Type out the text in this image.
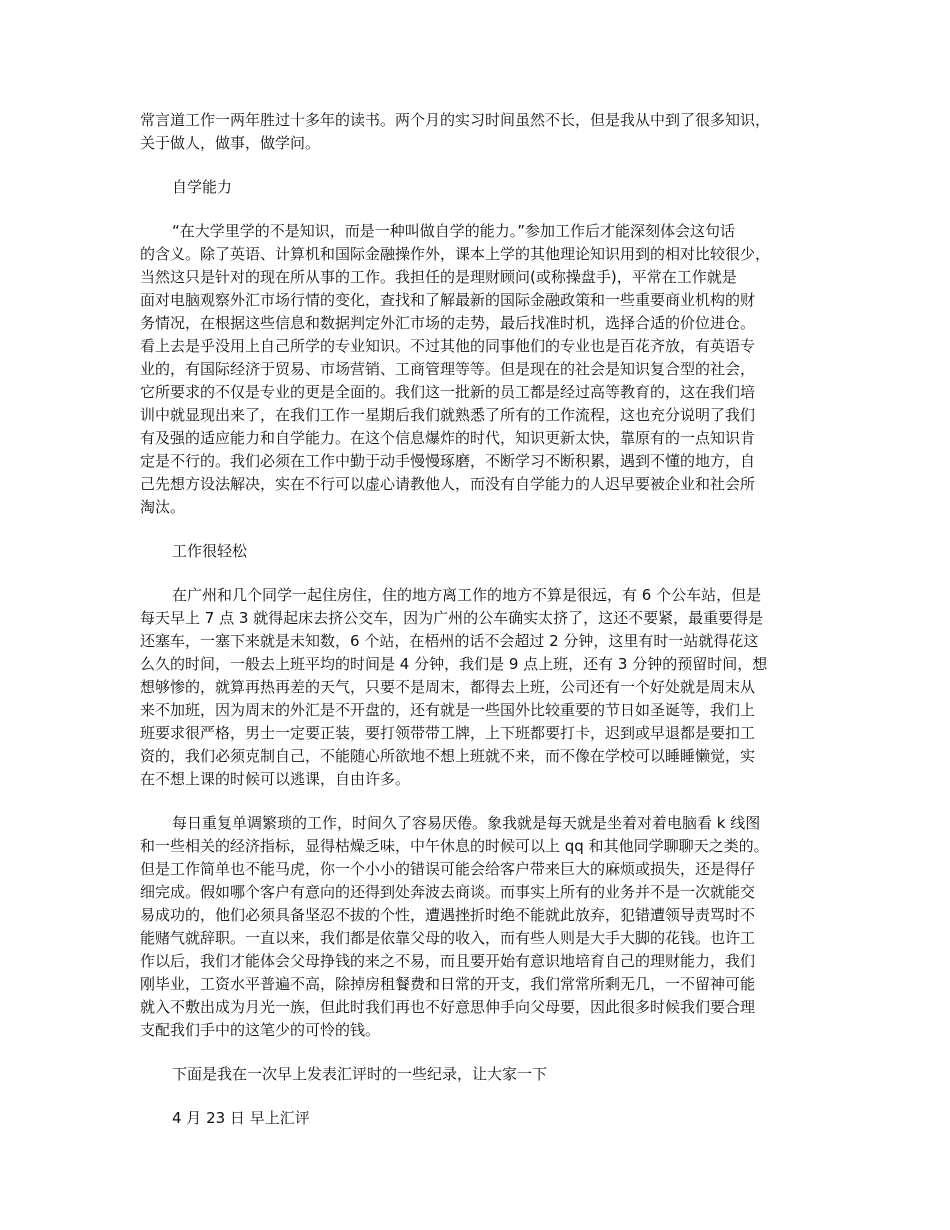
常言道工作一两年胜过十多年的读书。两个月的实习时间虽然不长，但是我从中到了很多知识，

关于做人，做事，做学问。

自学能力

“在大学里学的不是知识，而是一种叫做自学的能力。”参加工作后才能深刻体会这句话

的含义。除了英语、计算机和国际金融操作外，课本上学的其他理论知识用到的相对比较很少，

当然这只是针对的现在所从事的工作。我担任的是理财顾问(或称操盘手)，平常在工作就是

面对电脑观察外汇市场行情的变化，查找和了解最新的国际金融政策和一些重要商业机构的财

务情况，在根据这些信息和数据判定外汇市场的走势，最后找准时机，选择合适的价位进仓。

看上去是乎没用上自己所学的专业知识。不过其他的同事他们的专业也是百花齐放，有英语专

业的，有国际经济于贸易、市场营销、工商管理等等。但是现在的社会是知识复合型的社会，

它所要求的不仅是专业的更是全面的。我们这一批新的员工都是经过高等教育的，这在我们培

训中就显现出来了，在我们工作一星期后我们就熟悉了所有的工作流程，这也充分说明了我们

有及强的适应能力和自学能力。在这个信息爆炸的时代，知识更新太快，靠原有的一点知识肯

定是不行的。我们必须在工作中勤于动手慢慢琢磨，不断学习不断积累，遇到不懂的地方，自

己先想方设法解决，实在不行可以虚心请教他人，而没有自学能力的人迟早要被企业和社会所

淘汰。

工作很轻松

在广州和几个同学一起住房住，住的地方离工作的地方不算是很远，有 6 个公车站，但是

每天早上 7 点 3 就得起床去挤公交车，因为广州的公车确实太挤了，这还不要紧，最重要得是

还塞车，一塞下来就是未知数，6 个站，在梧州的话不会超过 2 分钟，这里有时一站就得花这

么久的时间，一般去上班平均的时间是 4 分钟，我们是 9 点上班，还有 3 分钟的预留时间，想

想够惨的，就算再热再差的天气，只要不是周末，都得去上班，公司还有一个好处就是周末从

来不加班，因为周末的外汇是不开盘的，还有就是一些国外比较重要的节日如圣诞等，我们上

班要求很严格，男士一定要正装，要打领带带工牌，上下班都要打卡，迟到或早退都是要扣工

资的，我们必须克制自己，不能随心所欲地不想上班就不来，而不像在学校可以睡睡懒觉，实

在不想上课的时候可以逃课，自由许多。

每日重复单调繁琐的工作，时间久了容易厌倦。象我就是每天就是坐着对着电脑看 k 线图

和一些相关的经济指标，显得枯燥乏味，中午休息的时候可以上 qq 和其他同学聊聊天之类的。

但是工作简单也不能马虎，你一个小小的错误可能会给客户带来巨大的麻烦或损失，还是得仔

细完成。假如哪个客户有意向的还得到处奔波去商谈。而事实上所有的业务并不是一次就能交

易成功的，他们必须具备坚忍不拔的个性，遭遇挫折时绝不能就此放弃，犯错遭领导责骂时不

能赌气就辞职。一直以来，我们都是依靠父母的收入，而有些人则是大手大脚的花钱。也许工

作以后，我们才能体会父母挣钱的来之不易，而且要开始有意识地培育自己的理财能力，我们

刚毕业，工资水平普遍不高，除掉房租餐费和日常的开支，我们常常所剩无几，一不留神可能

就入不敷出成为月光一族，但此时我们再也不好意思伸手向父母要，因此很多时候我们要合理

支配我们手中的这笔少的可怜的钱。

下面是我在一次早上发表汇评时的一些纪录，让大家一下

4 月 23 日 早上汇评
